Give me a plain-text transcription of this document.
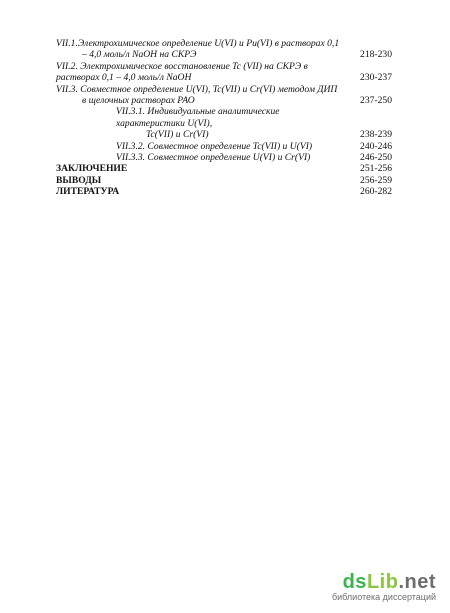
VII.1.Электрохимическое определение U(VI) и Pu(VI) в растворах 0,1
– 4,0 моль/л NaOH на СКРЭ	218-230
VII.2. Электрохимическое восстановление Tc (VII) на СКРЭ в
растворах 0,1 – 4,0 моль/л NaOH	230-237
VII.3. Совместное определение U(VI), Tc(VII) и Cr(VI) методом ДИП
в щелочных растворах РАО	237-250
VII.3.1. Индивидуальные аналитические характеристики U(VI),
Tc(VII) и Cr(VI)	238-239
VII.3.2. Совместное определение Tc(VII) и U(VI)	240-246
VII.3.3. Совместное определение U(VI) и Cr(VI)	246-250
ЗАКЛЮЧЕНИЕ	251-256
ВЫВОДЫ	256-259
ЛИТЕРАТУРА	260-282
dsLib.net
библиотека диссертаций
